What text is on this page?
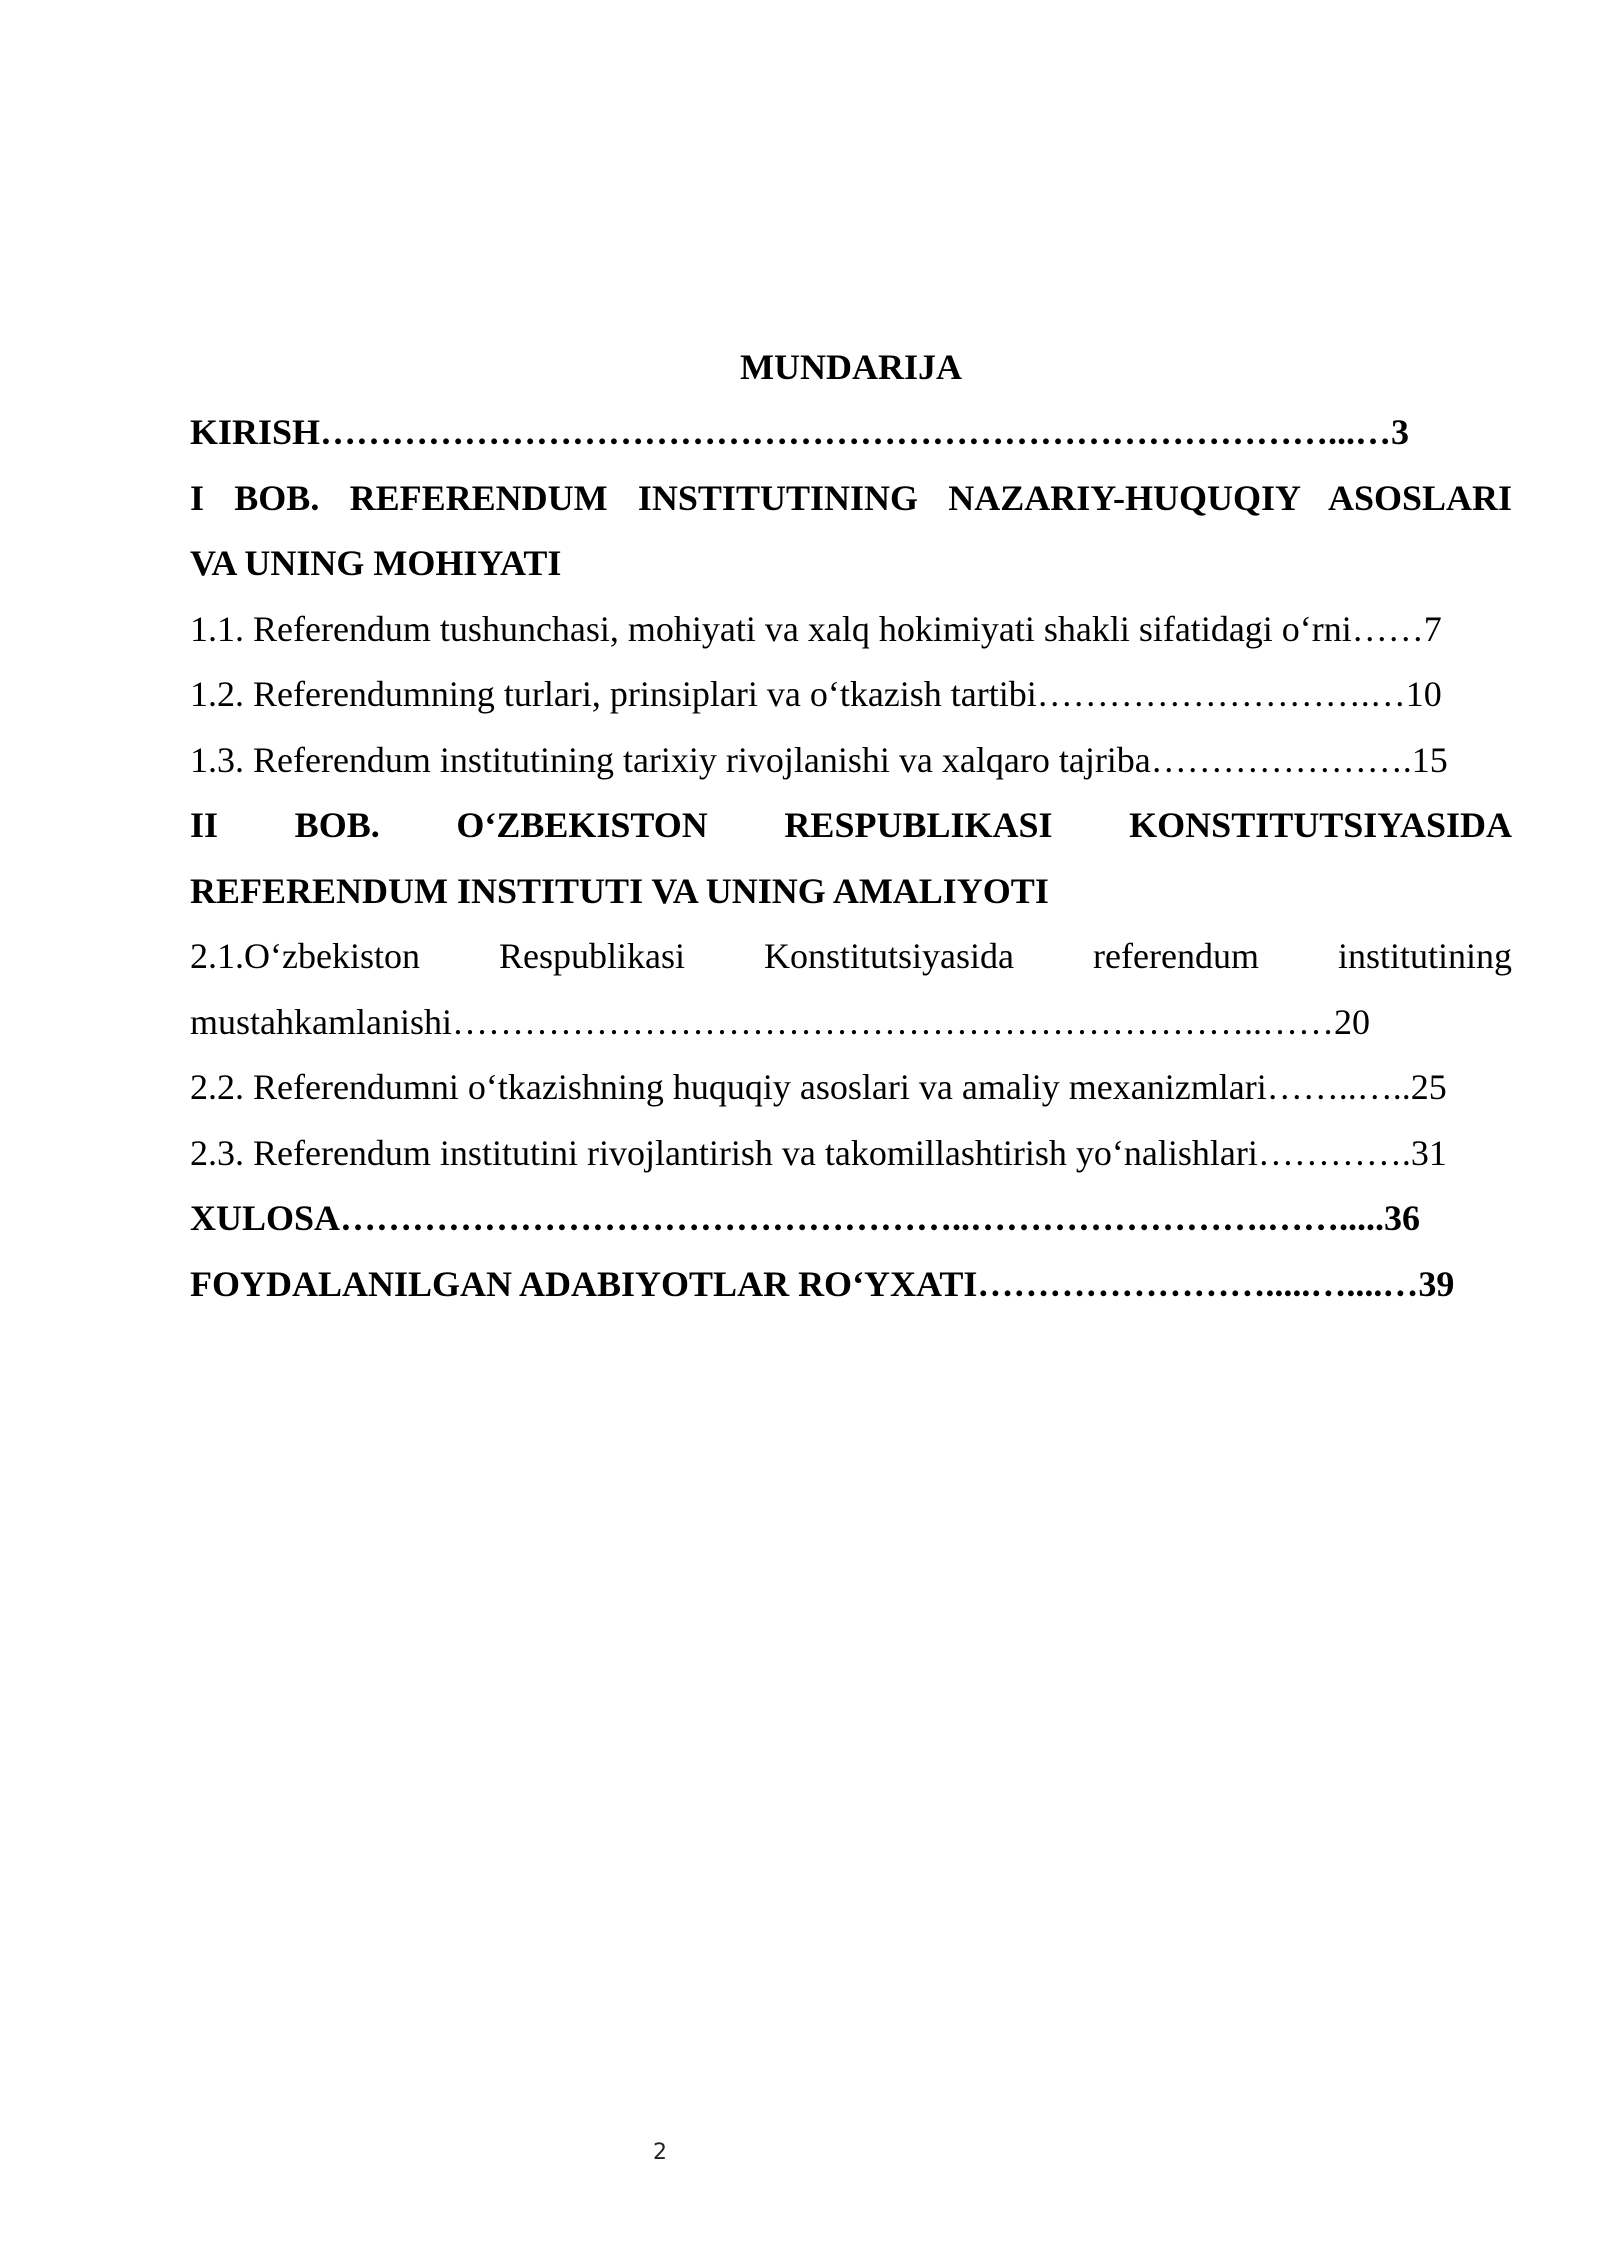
MUNDARIJA
KIRISH…………………………………………………………………………...…3
I BOB. REFERENDUM INSTITUTINING NAZARIY-HUQUQIY ASOSLARI
VA UNING MOHIYATI
1.1. Referendum tushunchasi, mohiyati va xalq hokimiyati shakli sifatidagi oʻrni……7
1.2. Referendumning turlari, prinsiplari va oʻtkazish tartibi……………………….…10
1.3. Referendum institutining tarixiy rivojlanishi va xalqaro tajriba………………….15
II BOB. OʻZBEKISTON RESPUBLIKASI KONSTITUTSIYASIDA
REFERENDUM INSTITUTI VA UNING AMALIYOTI
2.1.Oʻzbekiston Respublikasi Konstitutsiyasida referendum institutining
mustahkamlanishi…………………………………………………………..……20
2.2. Referendumni oʻtkazishning huquqiy asoslari va amaliy mexanizmlari……..…..25
2.3. Referendum institutini rivojlantirish va takomillashtirish yoʻnalishlari………….31
XULOSA……………………………………………..…………………….…….....36
FOYDALANILGAN ADABIYOTLAR ROʻYXATI…………………….....…....…39
2
